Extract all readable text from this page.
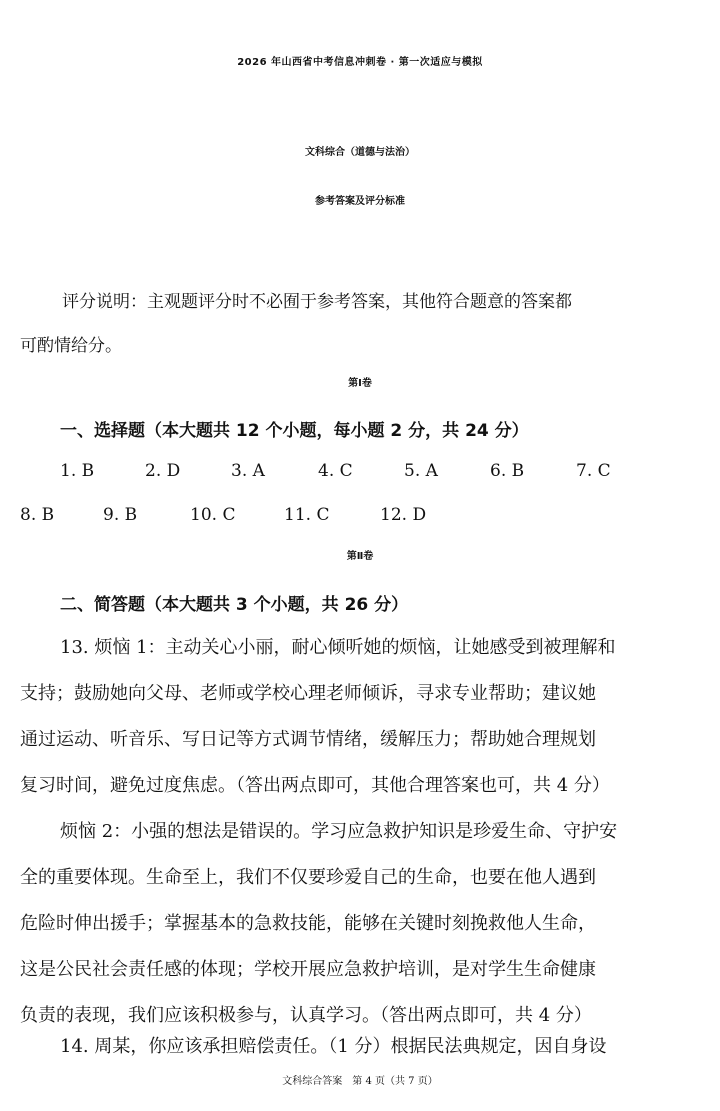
2026 年山西省中考信息冲刺卷 · 第一次适应与模拟
文科综合（道德与法治）
参考答案及评分标准
评分说明：主观题评分时不必囿于参考答案，其他符合题意的答案都
可酌情给分。
第Ⅰ卷
一、选择题（本大题共 12 个小题，每小题 2 分，共 24 分）
1. B	2. D	3. A	4. C	5. A	6. B	7. C
8. B	9. B	10. C	11. C	12. D
第Ⅱ卷
二、简答题（本大题共 3 个小题，共 26 分）
13. 烦恼 1：主动关心小丽，耐心倾听她的烦恼，让她感受到被理解和
支持；鼓励她向父母、老师或学校心理老师倾诉，寻求专业帮助；建议她
通过运动、听音乐、写日记等方式调节情绪，缓解压力；帮助她合理规划
复习时间，避免过度焦虑。（答出两点即可，其他合理答案也可，共 4 分）
烦恼 2：小强的想法是错误的。学习应急救护知识是珍爱生命、守护安
全的重要体现。生命至上，我们不仅要珍爱自己的生命，也要在他人遇到
危险时伸出援手；掌握基本的急救技能，能够在关键时刻挽救他人生命，
这是公民社会责任感的体现；学校开展应急救护培训，是对学生生命健康
负责的表现，我们应该积极参与，认真学习。（答出两点即可，共 4 分）
14. 周某，你应该承担赔偿责任。（1 分）根据民法典规定，因自身设
文科综合答案　第 4 页（共 7 页）
